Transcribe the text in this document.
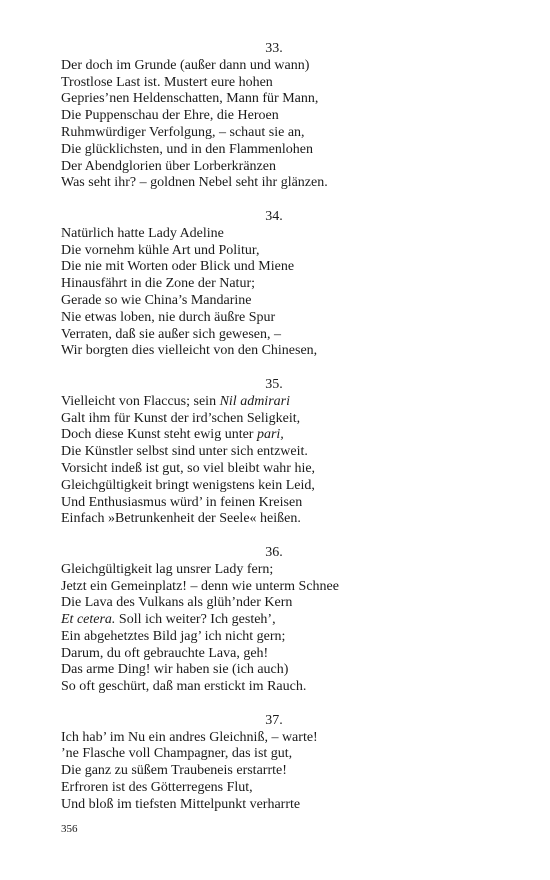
33.
Der doch im Grunde (außer dann und wann)
Trostlose Last ist. Mustert eure hohen
Gepries’nen Heldenschatten, Mann für Mann,
Die Puppenschau der Ehre, die Heroen
Ruhmwürdiger Verfolgung, – schaut sie an,
Die glücklichsten, und in den Flammenlohen
Der Abendglorien über Lorberkränzen
Was seht ihr? – goldnen Nebel seht ihr glänzen.
34.
Natürlich hatte Lady Adeline
Die vornehm kühle Art und Politur,
Die nie mit Worten oder Blick und Miene
Hinausfährt in die Zone der Natur;
Gerade so wie China’s Mandarine
Nie etwas loben, nie durch äußre Spur
Verraten, daß sie außer sich gewesen, –
Wir borgten dies vielleicht von den Chinesen,
35.
Vielleicht von Flaccus; sein Nil admirari
Galt ihm für Kunst der ird’schen Seligkeit,
Doch diese Kunst steht ewig unter pari,
Die Künstler selbst sind unter sich entzweit.
Vorsicht indeß ist gut, so viel bleibt wahr hie,
Gleichgültigkeit bringt wenigstens kein Leid,
Und Enthusiasmus würd’ in feinen Kreisen
Einfach »Betrunkenheit der Seele« heißen.
36.
Gleichgültigkeit lag unsrer Lady fern;
Jetzt ein Gemeinplatz! – denn wie unterm Schnee
Die Lava des Vulkans als glüh’nder Kern
Et cetera. Soll ich weiter? Ich gesteh’,
Ein abgehetztes Bild jag’ ich nicht gern;
Darum, du oft gebrauchte Lava, geh!
Das arme Ding! wir haben sie (ich auch)
So oft geschürt, daß man erstickt im Rauch.
37.
Ich hab’ im Nu ein andres Gleichniß, – warte!
’ne Flasche voll Champagner, das ist gut,
Die ganz zu süßem Traubeneis erstarrte!
Erfroren ist des Götterregens Flut,
Und bloß im tiefsten Mittelpunkt verharrte
356
